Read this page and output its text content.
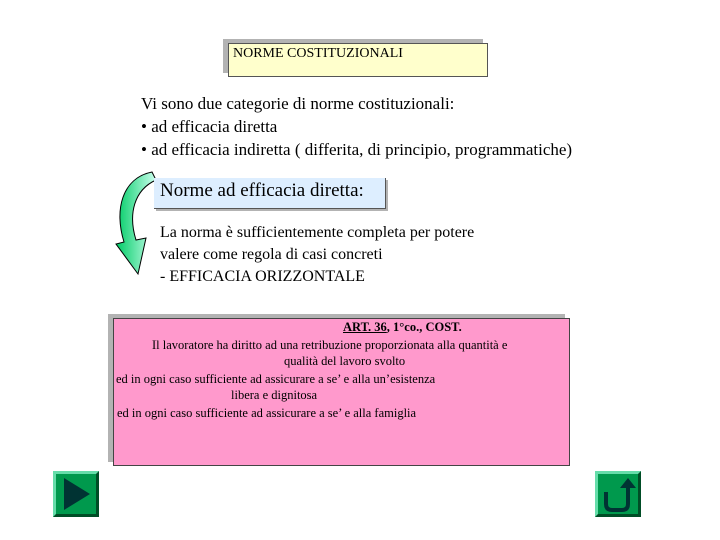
NORME COSTITUZIONALI
Vi sono due categorie di norme costituzionali:
• ad efficacia diretta
• ad efficacia indiretta ( differita, di principio, programmatiche)
Norme ad efficacia diretta:
La norma è sufficientemente completa per potere
valere come regola di casi concreti
- EFFICACIA ORIZZONTALE
ART. 36, 1°co., COST.
Il lavoratore ha diritto ad una retribuzione proporzionata alla quantità e
qualità del lavoro svolto
ed in ogni caso sufficiente ad assicurare a se’ e alla un’esistenza
libera e dignitosa
ed in ogni caso sufficiente ad assicurare a se’ e alla famiglia
